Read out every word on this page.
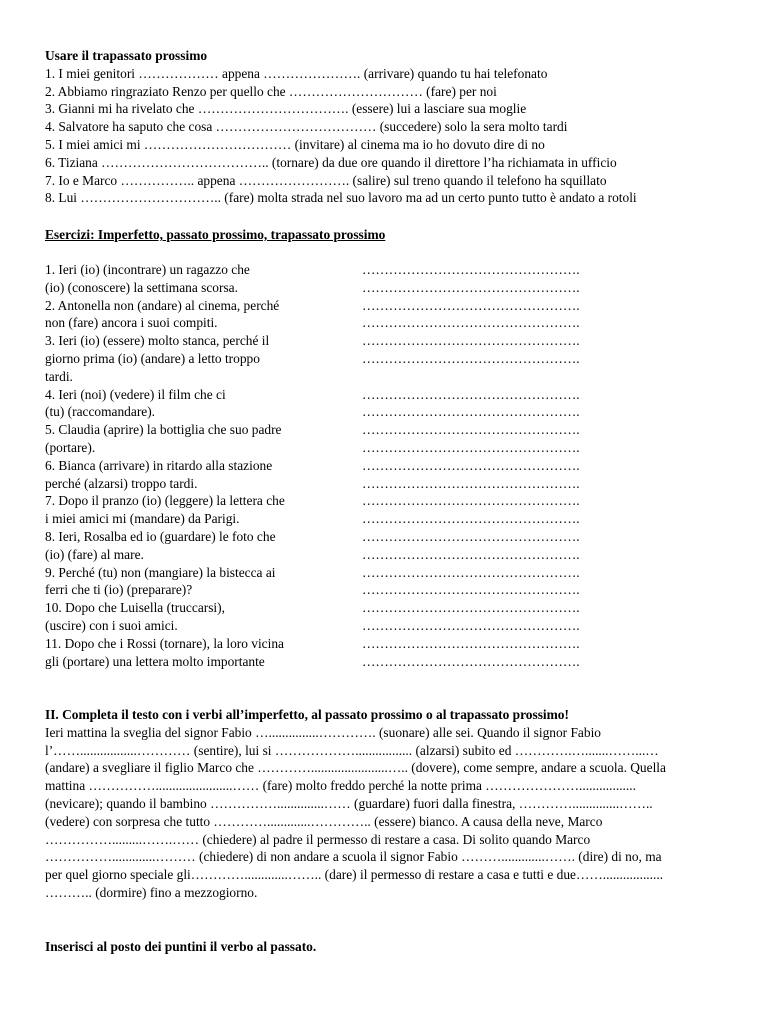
Usare il trapassato prossimo
1. I miei genitori ……………… appena …………………. (arrivare) quando tu hai telefonato
2. Abbiamo ringraziato Renzo per quello che ………………………… (fare) per noi
3. Gianni mi ha rivelato che ……………………………. (essere) lui a lasciare sua moglie
4. Salvatore ha saputo che cosa ……………………………… (succedere) solo la sera molto tardi
5. I miei amici mi …………………………… (invitare) al cinema ma io ho dovuto dire di no
6. Tiziana ……………………………….. (tornare) da due ore quando il direttore l’ha richiamata in ufficio
7. Io e Marco …………….. appena ……………………. (salire) sul treno quando il telefono ha squillato
8. Lui ………………………….. (fare) molta strada nel suo lavoro ma ad un certo punto tutto è andato a rotoli
Esercizi: Imperfetto, passato prossimo, trapassato prossimo
1. Ieri (io) (incontrare) un ragazzo che	………………………………………….
(io) (conoscere) la settimana scorsa.	………………………………………….
2. Antonella non (andare) al cinema, perché	………………………………………….
non (fare) ancora i suoi compiti.	………………………………………….
3. Ieri (io) (essere) molto stanca, perché il	………………………………………….
giorno prima (io) (andare) a letto troppo	………………………………………….
tardi.
4. Ieri (noi) (vedere) il film che ci	………………………………………….
(tu) (raccomandare).	………………………………………….
5. Claudia (aprire) la bottiglia che suo padre	………………………………………….
(portare).	………………………………………….
6. Bianca (arrivare) in ritardo alla stazione	………………………………………….
perché (alzarsi) troppo tardi.	………………………………………….
7. Dopo il pranzo (io) (leggere) la lettera che	………………………………………….
i miei amici mi (mandare) da Parigi.	………………………………………….
8. Ieri, Rosalba ed io (guardare) le foto che	………………………………………….
(io) (fare) al mare.	………………………………………….
9. Perché (tu) non (mangiare) la bistecca ai	………………………………………….
ferri che ti (io) (preparare)?	………………………………………….
10. Dopo che Luisella (truccarsi),	………………………………………….
(uscire) con i suoi amici.	………………………………………….
11. Dopo che i Rossi (tornare), la loro vicina	………………………………………….
gli (portare) una lettera molto importante	………………………………………….
II. Completa il testo con i verbi all’imperfetto, al passato prossimo o al trapassato prossimo!
Ieri mattina la sveglia del signor Fabio …...............…………. (suonare) alle sei. Quando il signor Fabio
l’…….................………… (sentire), lui si ………………................. (alzarsi) subito ed ………….….......……...…
(andare) a svegliare il figlio Marco che ………….......................….. (dovere), come sempre, andare a scuola. Quella
mattina …………….......................…… (fare) molto freddo perché la notte prima ………………….................
(nevicare); quando il bambino ……………..............…… (guardare) fuori dalla finestra, …………..............……..
(vedere) con sorpresa che tutto ………….............………….. (essere) bianco. A causa della neve, Marco
…………….........…….…… (chiedere) al padre il permesso di restare a casa. Di solito quando Marco
…………….............……… (chiedere) di non andare a scuola il signor Fabio ……….............……. (dire) di no, ma
per quel giorno speciale gli………….............…….. (dare) il permesso di restare a casa e tutti e due……..................
……….. (dormire) fino a mezzogiorno.
Inserisci al posto dei puntini il verbo al passato.
